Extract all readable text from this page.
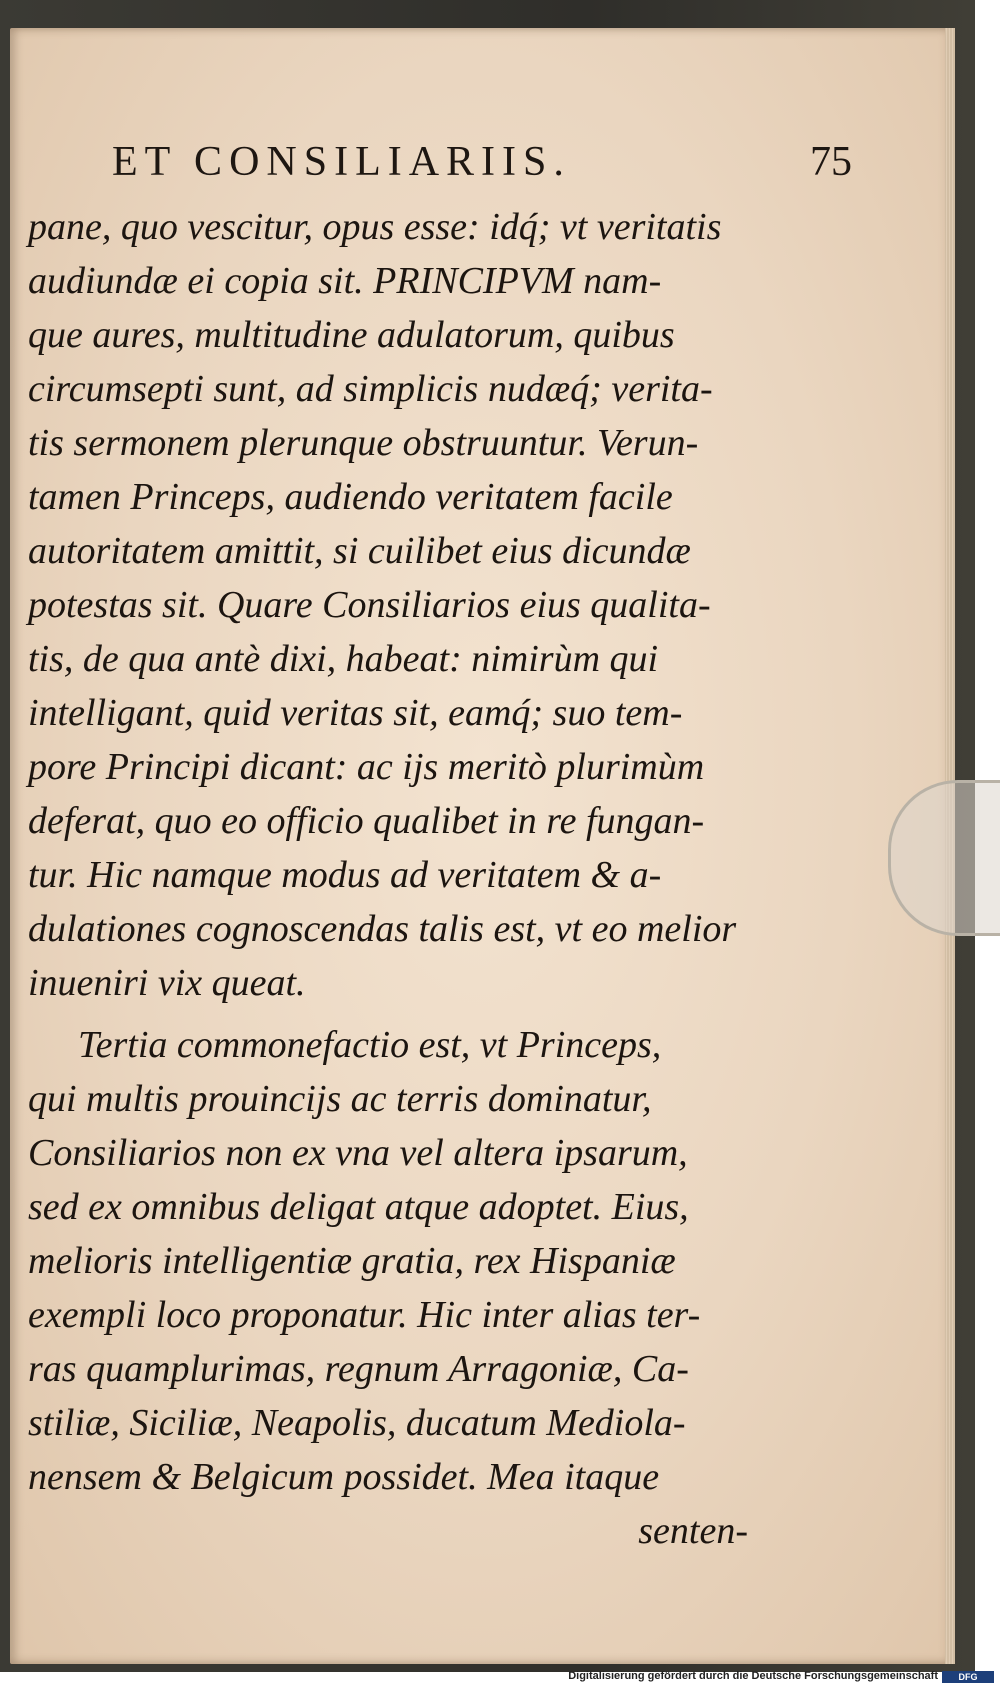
ET CONSILIARIIS.	75
pane, quo vescitur, opus esse: idq́; vt veritatis
audiundæ ei copia sit. PRINCIPVM nam-
que aures, multitudine adulatorum, quibus
circumsepti sunt, ad simplicis nudæq́; verita-
tis sermonem plerunque obstruuntur. Verun-
tamen Princeps, audiendo veritatem facile
autoritatem amittit, si cuilibet eius dicundæ
potestas sit. Quare Consiliarios eius qualita-
tis, de qua antè dixi, habeat: nimirùm qui
intelligant, quid veritas sit, eamq́; suo tem-
pore Principi dicant: ac ijs meritò plurimùm
deferat, quo eo officio qualibet in re fungan-
tur. Hic namque modus ad veritatem & a-
dulationes cognoscendas talis est, vt eo melior
inueniri vix queat.
Tertia commonefactio est, vt Princeps,
qui multis prouincijs ac terris dominatur,
Consiliarios non ex vna vel altera ipsarum,
sed ex omnibus deligat atque adoptet. Eius,
melioris intelligentiæ gratia, rex Hispaniæ
exempli loco proponatur. Hic inter alias ter-
ras quamplurimas, regnum Arragoniæ, Ca-
stiliæ, Siciliæ, Neapolis, ducatum Mediola-
nensem & Belgicum possidet. Mea itaque
senten-
Digitalisierung gefördert durch die Deutsche Forschungsgemeinschaft	DFG
